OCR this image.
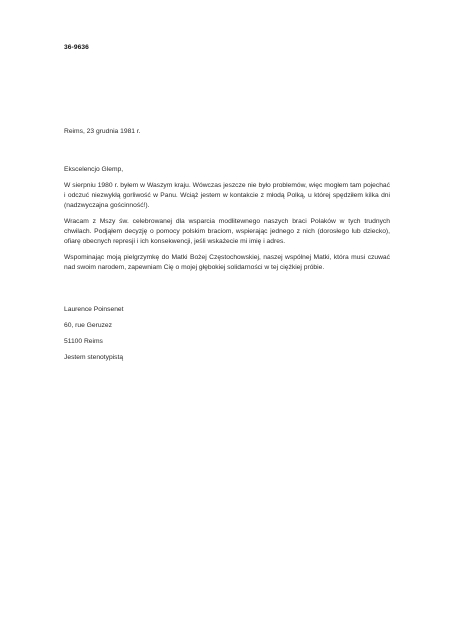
36-9636

Reims, 23 grudnia 1981 r.

Ekscelencjo Glemp,

W sierpniu 1980 r. byłem w Waszym kraju. Wówczas jeszcze nie było problemów, więc mogłem tam pojechać i odczuć niezwykłą gorliwość w Panu. Wciąż jestem w kontakcie z młodą Polką, u której spędziłem kilka dni (nadzwyczajna gościnność!).

Wracam z Mszy św. celebrowanej dla wsparcia modlitewnego naszych braci Polaków w tych trudnych chwilach. Podjąłem decyzję o pomocy polskim braciom, wspierając jednego z nich (dorosłego lub dziecko), ofiarę obecnych represji i ich konsekwencji, jeśli wskażecie mi imię i adres.

Wspominając moją pielgrzymkę do Matki Bożej Częstochowskiej, naszej wspólnej Matki, która musi czuwać nad swoim narodem, zapewniam Cię o mojej głębokiej solidarności w tej ciężkiej próbie.

Laurence Poinsenet

60, rue Geruzez

51100 Reims

Jestem stenotypistą
